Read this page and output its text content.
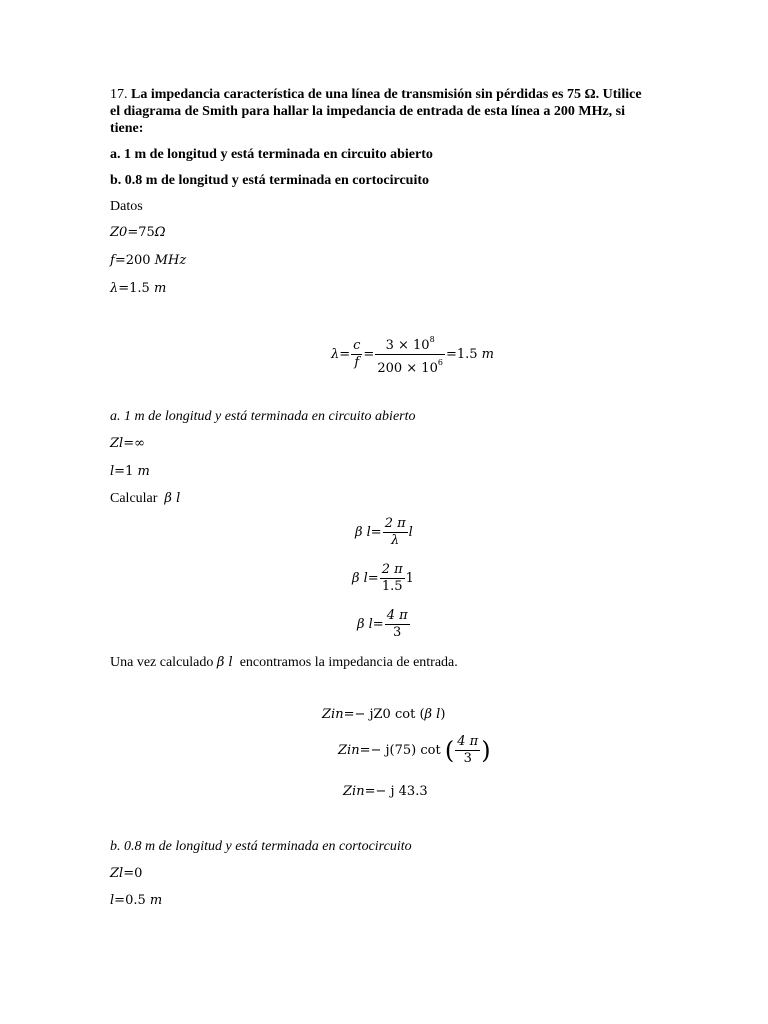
17. La impedancia característica de una línea de transmisión sin pérdidas es 75 Ω. Utilice
el diagrama de Smith para hallar la impedancia de entrada de esta línea a 200 MHz, si
tiene:
a. 1 m de longitud y está terminada en circuito abierto
b. 0.8 m de longitud y está terminada en cortocircuito
Datos
Z0=75Ω
f=200 MHz
λ=1.5 m
$\lambda= \frac{c}{f} = \frac{3 \times 10^8}{200 \times 10^6} =1.5$ m
a. 1 m de longitud y está terminada en circuito abierto
Zl=∞
l=1 m
Calcular β l
β $l= \frac{2 \pi}{\lambda}$ l
β $l= \frac{2 \pi}{1.5} 1$
β $l= \frac{4 \pi}{3}$
Una vez calculado β l encontramos la impedancia de entrada.
Zin=− jZ0 cot (β l)
Zin=− j(75) cot ( $\frac{4 \pi}{3}$ )
Zin=− j 43.3
b. 0.8 m de longitud y está terminada en cortocircuito
Zl=0
l=0.5 m
